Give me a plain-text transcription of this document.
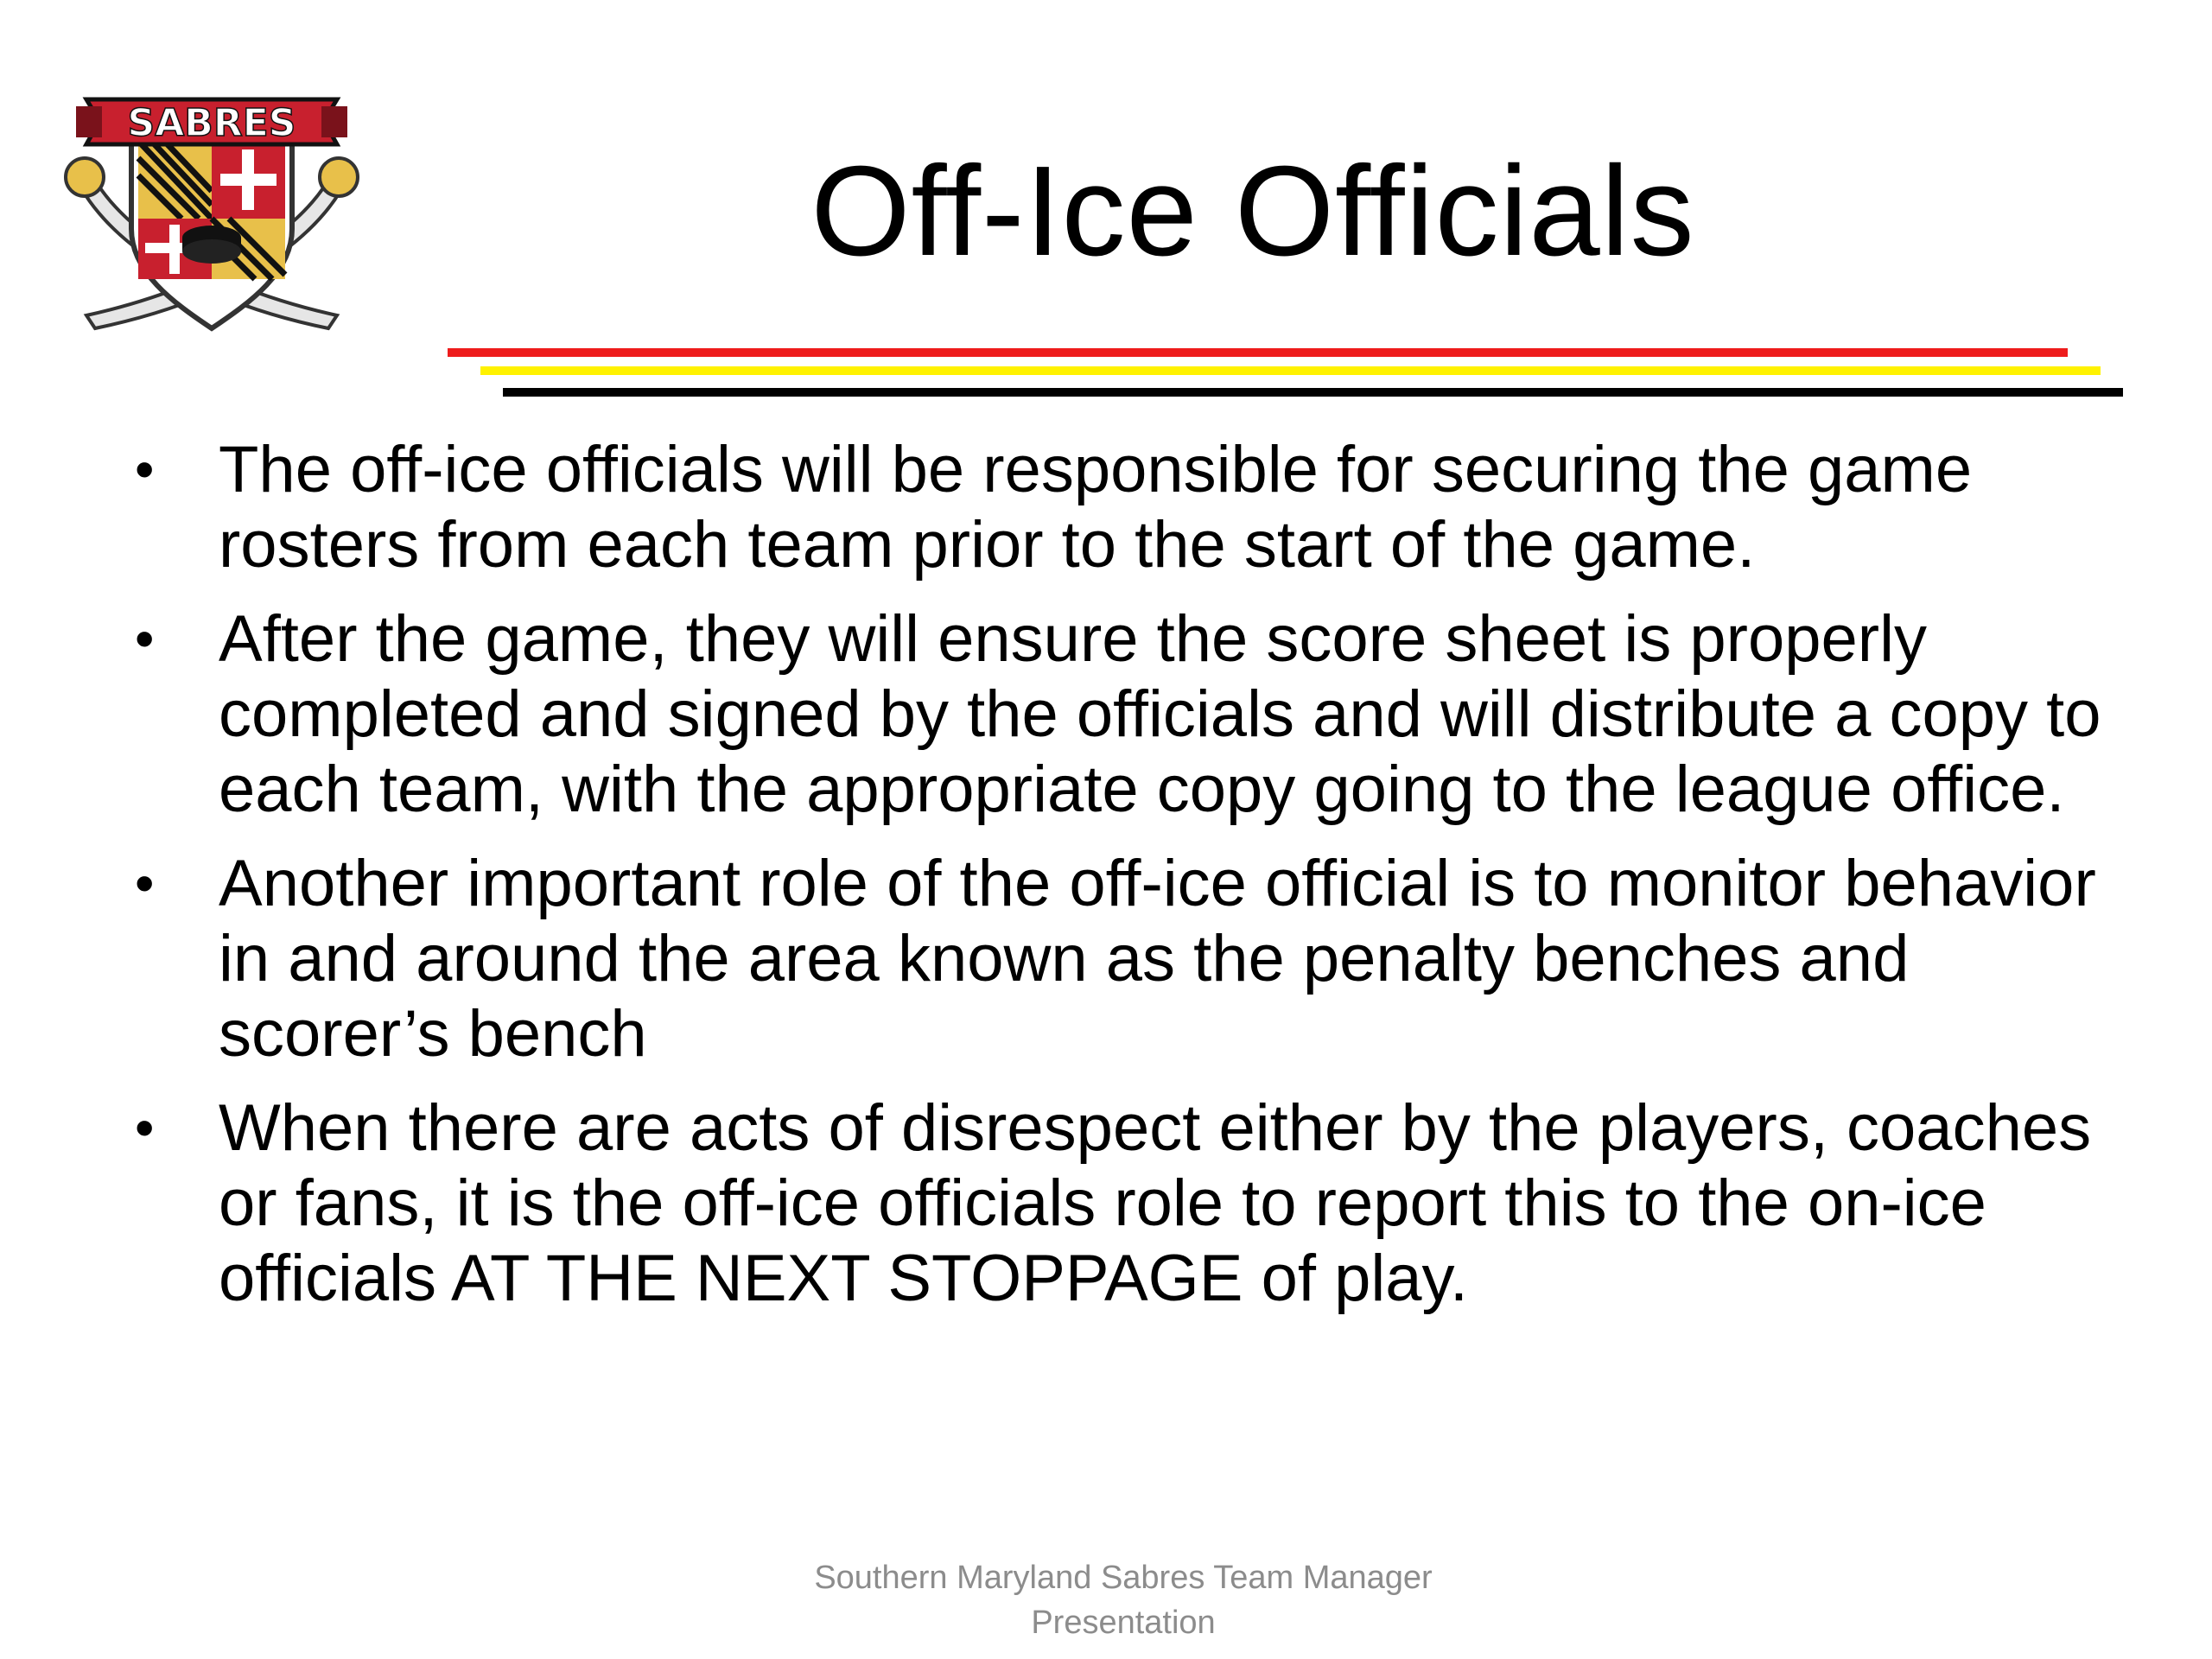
SABRES
Off-Ice Officials
• The off-ice officials will be responsible for securing the game rosters from each team prior to the start of the game.
• After the game, they will ensure the score sheet is properly completed and signed by the officials and will distribute a copy to each team, with the appropriate copy going to the league office.
• Another important role of the off-ice official is to monitor behavior in and around the area known as the penalty benches and scorer’s bench
• When there are acts of disrespect either by the players, coaches or fans, it is the off-ice officials role to report this to the on-ice officials AT THE NEXT STOPPAGE of play.
Southern Maryland Sabres Team Manager
Presentation
